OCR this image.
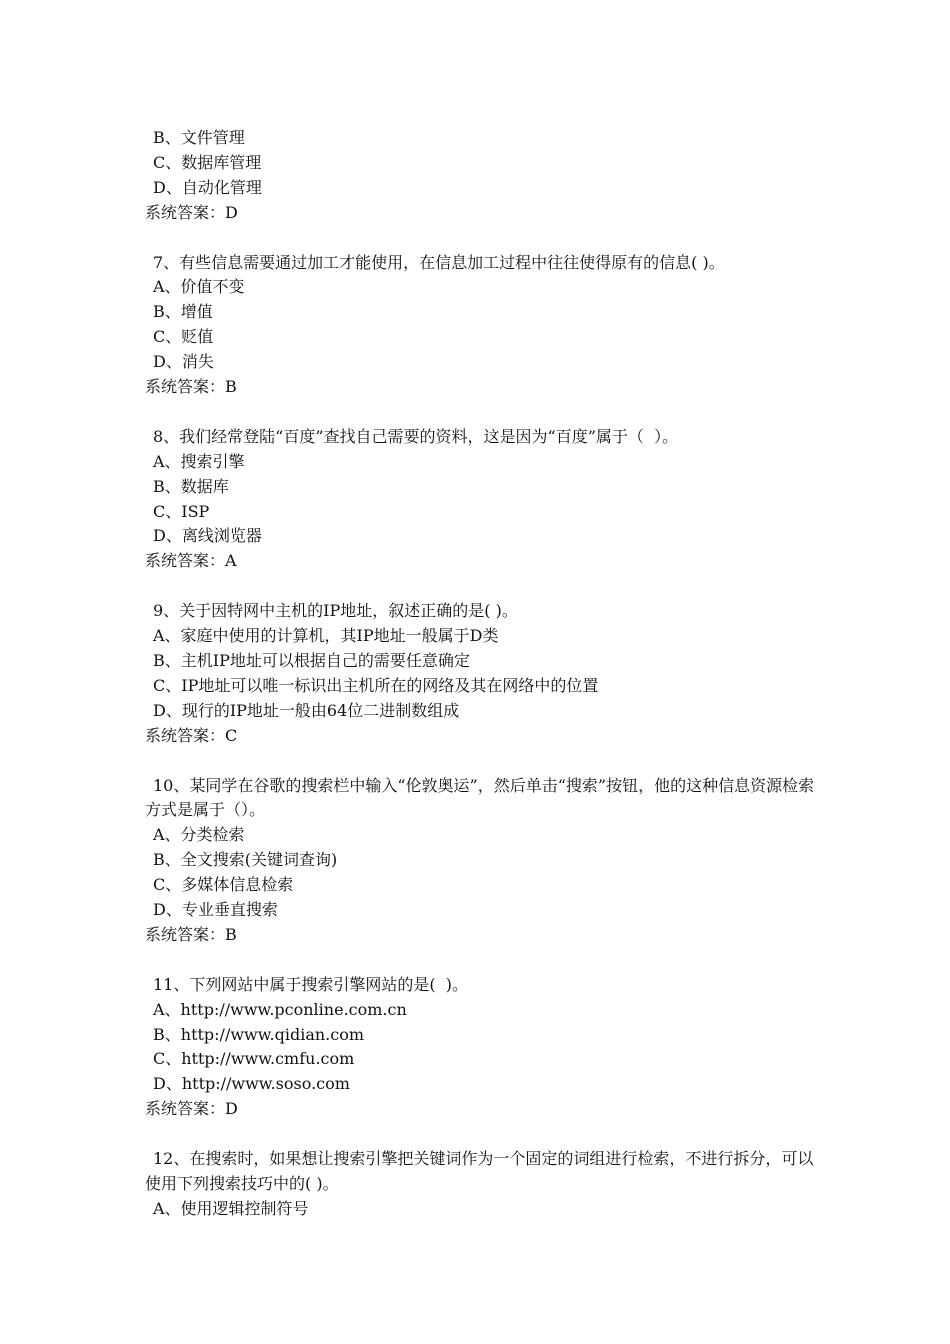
B、文件管理
C、数据库管理
D、自动化管理
系统答案：D
7、有些信息需要通过加工才能使用，在信息加工过程中往往使得原有的信息( )。
A、价值不变
B、增值
C、贬值
D、消失
系统答案：B
8、我们经常登陆“百度”查找自己需要的资料，这是因为“百度”属于（  ）。
A、搜索引擎
B、数据库
C、ISP
D、离线浏览器
系统答案：A
9、关于因特网中主机的IP地址，叙述正确的是( )。
A、家庭中使用的计算机，其IP地址一般属于D类
B、主机IP地址可以根据自己的需要任意确定
C、IP地址可以唯一标识出主机所在的网络及其在网络中的位置
D、现行的IP地址一般由64位二进制数组成
系统答案：C
10、某同学在谷歌的搜索栏中输入“伦敦奥运”，然后单击“搜索”按钮，他的这种信息资源检索方式是属于（）。
A、分类检索
B、全文搜索(关键词查询)
C、多媒体信息检索
D、专业垂直搜索
系统答案：B
11、下列网站中属于搜索引擎网站的是(  )。
A、http://www.pconline.com.cn
B、http://www.qidian.com
C、http://www.cmfu.com
D、http://www.soso.com
系统答案：D
12、在搜索时，如果想让搜索引擎把关键词作为一个固定的词组进行检索，不进行拆分，可以使用下列搜索技巧中的( )。
A、使用逻辑控制符号
